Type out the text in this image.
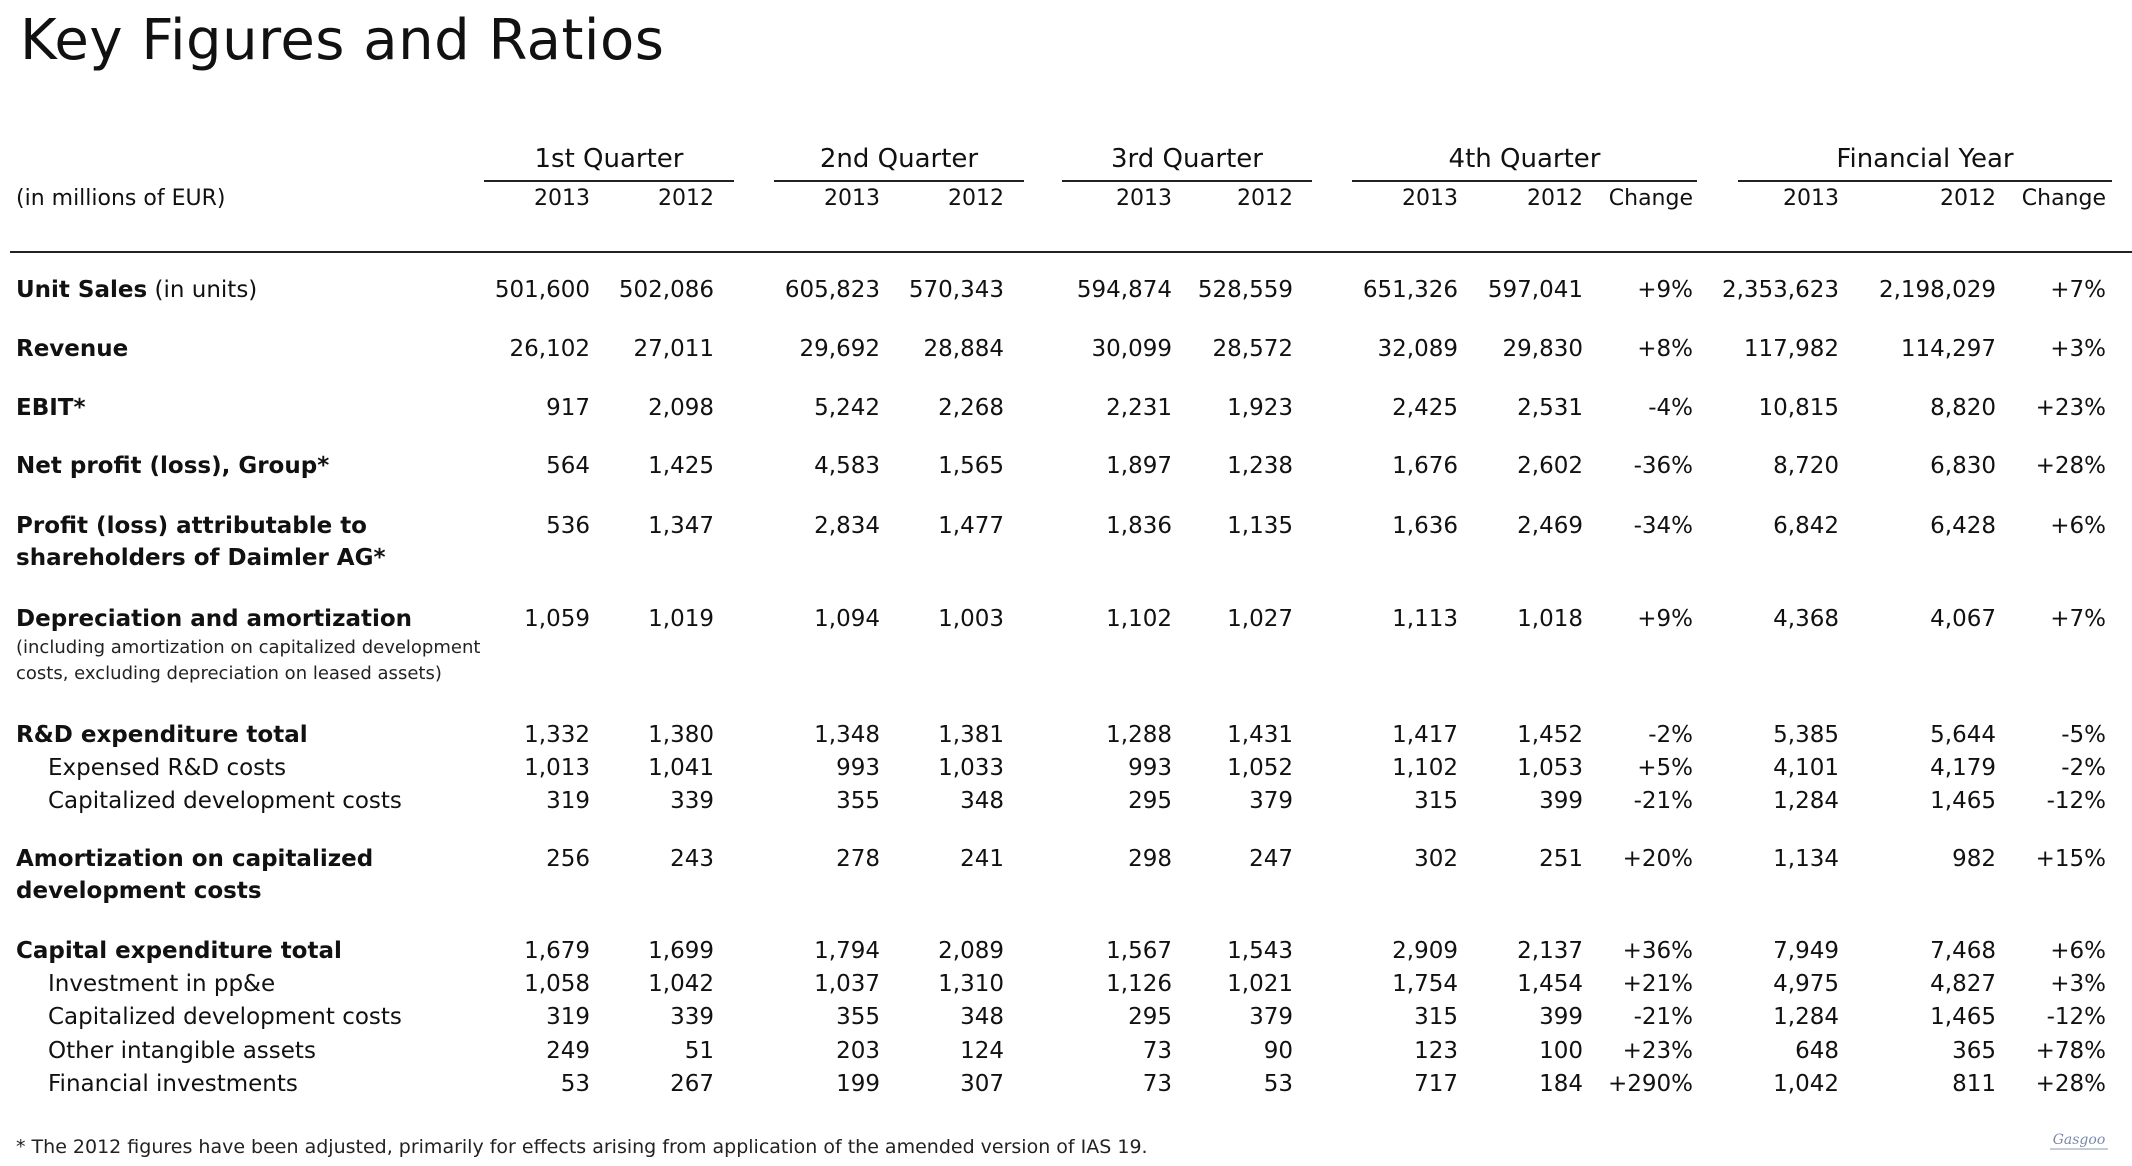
Key Figures and Ratios
1st Quarter	2nd Quarter	3rd Quarter	4th Quarter	Financial Year
(in millions of EUR)	2013	2012	2013	2012	2013	2012	2013	2012	Change	2013	2012	Change
Unit Sales (in units)	501,600	502,086	605,823	570,343	594,874	528,559	651,326	597,041	+9%	2,353,623	2,198,029	+7%
Revenue	26,102	27,011	29,692	28,884	30,099	28,572	32,089	29,830	+8%	117,982	114,297	+3%
EBIT*	917	2,098	5,242	2,268	2,231	1,923	2,425	2,531	-4%	10,815	8,820	+23%
Net profit (loss), Group*	564	1,425	4,583	1,565	1,897	1,238	1,676	2,602	-36%	8,720	6,830	+28%
Profit (loss) attributable to
shareholders of Daimler AG*
536	1,347	2,834	1,477	1,836	1,135	1,636	2,469	-34%	6,842	6,428	+6%
Depreciation and amortization
(including amortization on capitalized development
costs, excluding depreciation on leased assets)
1,059	1,019	1,094	1,003	1,102	1,027	1,113	1,018	+9%	4,368	4,067	+7%
R&D expenditure total	1,332	1,380	1,348	1,381	1,288	1,431	1,417	1,452	-2%	5,385	5,644	-5%
Expensed R&D costs	1,013	1,041	993	1,033	993	1,052	1,102	1,053	+5%	4,101	4,179	-2%
Capitalized development costs	319	339	355	348	295	379	315	399	-21%	1,284	1,465	-12%
Amortization on capitalized
development costs
256	243	278	241	298	247	302	251	+20%	1,134	982	+15%
Capital expenditure total	1,679	1,699	1,794	2,089	1,567	1,543	2,909	2,137	+36%	7,949	7,468	+6%
Investment in pp&e	1,058	1,042	1,037	1,310	1,126	1,021	1,754	1,454	+21%	4,975	4,827	+3%
Capitalized development costs	319	339	355	348	295	379	315	399	-21%	1,284	1,465	-12%
Other intangible assets	249	51	203	124	73	90	123	100	+23%	648	365	+78%
Financial investments	53	267	199	307	73	53	717	184	+290%	1,042	811	+28%
* The 2012 figures have been adjusted, primarily for effects arising from application of the amended version of IAS 19.	Gasgoo
